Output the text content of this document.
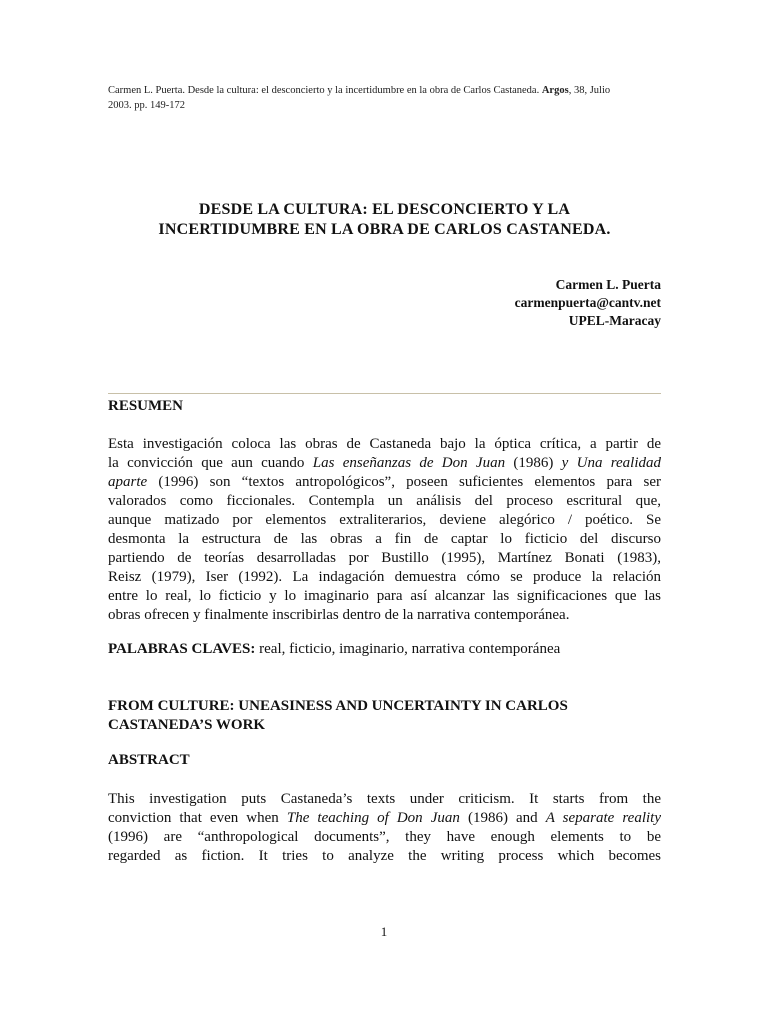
Carmen L. Puerta. Desde la cultura: el desconcierto y la incertidumbre en la obra de Carlos Castaneda. Argos, 38, Julio
2003. pp. 149-172
DESDE LA CULTURA: EL DESCONCIERTO Y LA
INCERTIDUMBRE EN LA OBRA DE CARLOS CASTANEDA.
Carmen L. Puerta
carmenpuerta@cantv.net
UPEL-Maracay
RESUMEN
Esta investigación coloca las obras de Castaneda bajo la óptica crítica, a partir de
la convicción que aun cuando Las enseñanzas de Don Juan (1986) y Una realidad
aparte (1996) son “textos antropológicos”, poseen suficientes elementos para ser
valorados como ficcionales. Contempla un análisis del proceso escritural que,
aunque matizado por elementos extraliterarios, deviene alegórico / poético. Se
desmonta la estructura de las obras a fin de captar lo ficticio del discurso
partiendo de teorías desarrolladas por Bustillo (1995), Martínez Bonati (1983),
Reisz (1979), Iser (1992). La indagación demuestra cómo se produce la relación
entre lo real, lo ficticio y lo imaginario para así alcanzar las significaciones que las
obras ofrecen y finalmente inscribirlas dentro de la narrativa contemporánea.
PALABRAS CLAVES: real, ficticio, imaginario, narrativa contemporánea
FROM CULTURE: UNEASINESS AND UNCERTAINTY IN CARLOS
CASTANEDA’S WORK
ABSTRACT
This investigation puts Castaneda’s texts under criticism. It starts from the
conviction that even when The teaching of Don Juan (1986) and A separate reality
(1996) are “anthropological documents”, they have enough elements to be
regarded as fiction. It tries to analyze the writing process which becomes
1
